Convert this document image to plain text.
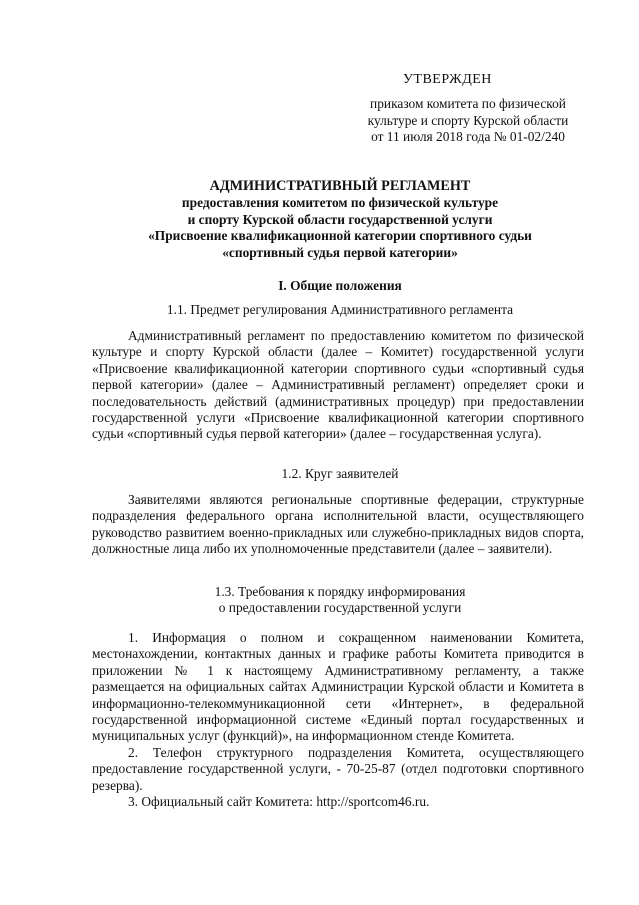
УТВЕРЖДЕН
приказом комитета по физической
культуре и спорту Курской области
от 11 июля 2018 года № 01-02/240
АДМИНИСТРАТИВНЫЙ РЕГЛАМЕНТ
предоставления комитетом по физической культуре
и спорту Курской области государственной услуги
«Присвоение квалификационной категории спортивного судьи
«спортивный судья первой категории»
I. Общие положения
1.1. Предмет регулирования Административного регламента

Административный регламент по предоставлению комитетом по физической культуре и спорту Курской области (далее – Комитет) государственной услуги «Присвоение квалификационной категории спортивного судьи «спортивный судья первой категории» (далее – Административный регламент) определяет сроки и последовательность действий (административных процедур) при предоставлении государственной услуги «Присвоение квалификационной категории спортивного судьи «спортивный судья первой категории» (далее – государственная услуга).

1.2. Круг заявителей

Заявителями являются региональные спортивные федерации, структурные подразделения федерального органа исполнительной власти, осуществляющего руководство развитием военно-прикладных или служебно-прикладных видов спорта, должностные лица либо их уполномоченные представители (далее – заявители).

1.3. Требования к порядку информирования
о предоставлении государственной услуги

1. Информация о полном и сокращенном наименовании Комитета, местонахождении, контактных данных и графике работы Комитета приводится в приложении № 1 к настоящему Административному регламенту, а также размещается на официальных сайтах Администрации Курской области и Комитета в информационно-телекоммуникационной сети «Интернет», в федеральной государственной информационной системе «Единый портал государственных и муниципальных услуг (функций)», на информационном стенде Комитета.

2. Телефон структурного подразделения Комитета, осуществляющего предоставление государственной услуги, - 70-25-87 (отдел подготовки спортивного резерва).

3. Официальный сайт Комитета: http://sportcom46.ru.
